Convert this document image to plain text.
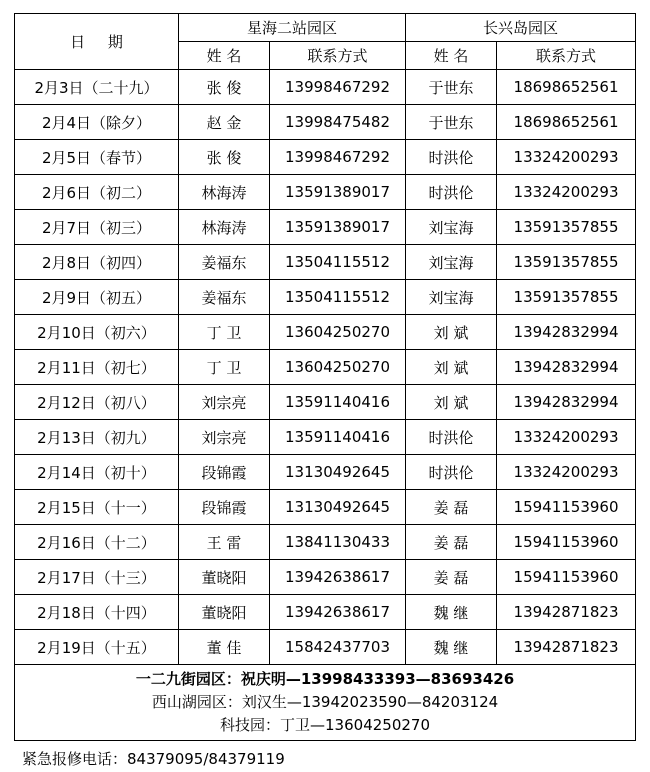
日 期	星海二站园区		长兴岛园区	
	姓 名	联系方式	姓 名	联系方式
2月3日（二十九）	张 俊	13998467292	于世东	18698652561
2月4日（除夕）	赵 金	13998475482	于世东	18698652561
2月5日（春节）	张 俊	13998467292	时洪伦	13324200293
2月6日（初二）	林海涛	13591389017	时洪伦	13324200293
2月7日（初三）	林海涛	13591389017	刘宝海	13591357855
2月8日（初四）	姜福东	13504115512	刘宝海	13591357855
2月9日（初五）	姜福东	13504115512	刘宝海	13591357855
2月10日（初六）	丁 卫	13604250270	刘 斌	13942832994
2月11日（初七）	丁 卫	13604250270	刘 斌	13942832994
2月12日（初八）	刘宗亮	13591140416	刘 斌	13942832994
2月13日（初九）	刘宗亮	13591140416	时洪伦	13324200293
2月14日（初十）	段锦霞	13130492645	时洪伦	13324200293
2月15日（十一）	段锦霞	13130492645	姜 磊	15941153960
2月16日（十二）	王 雷	13841130433	姜 磊	15941153960
2月17日（十三）	董晓阳	13942638617	姜 磊	15941153960
2月18日（十四）	董晓阳	13942638617	魏 继	13942871823
2月19日（十五）	董 佳	15842437703	魏 继	13942871823

一二九街园区：祝庆明—13998433393—83693426
西山湖园区：刘汉生—13942023590—84203124
科技园：丁卫—13604250270				
紧急报修电话：84379095/84379119
